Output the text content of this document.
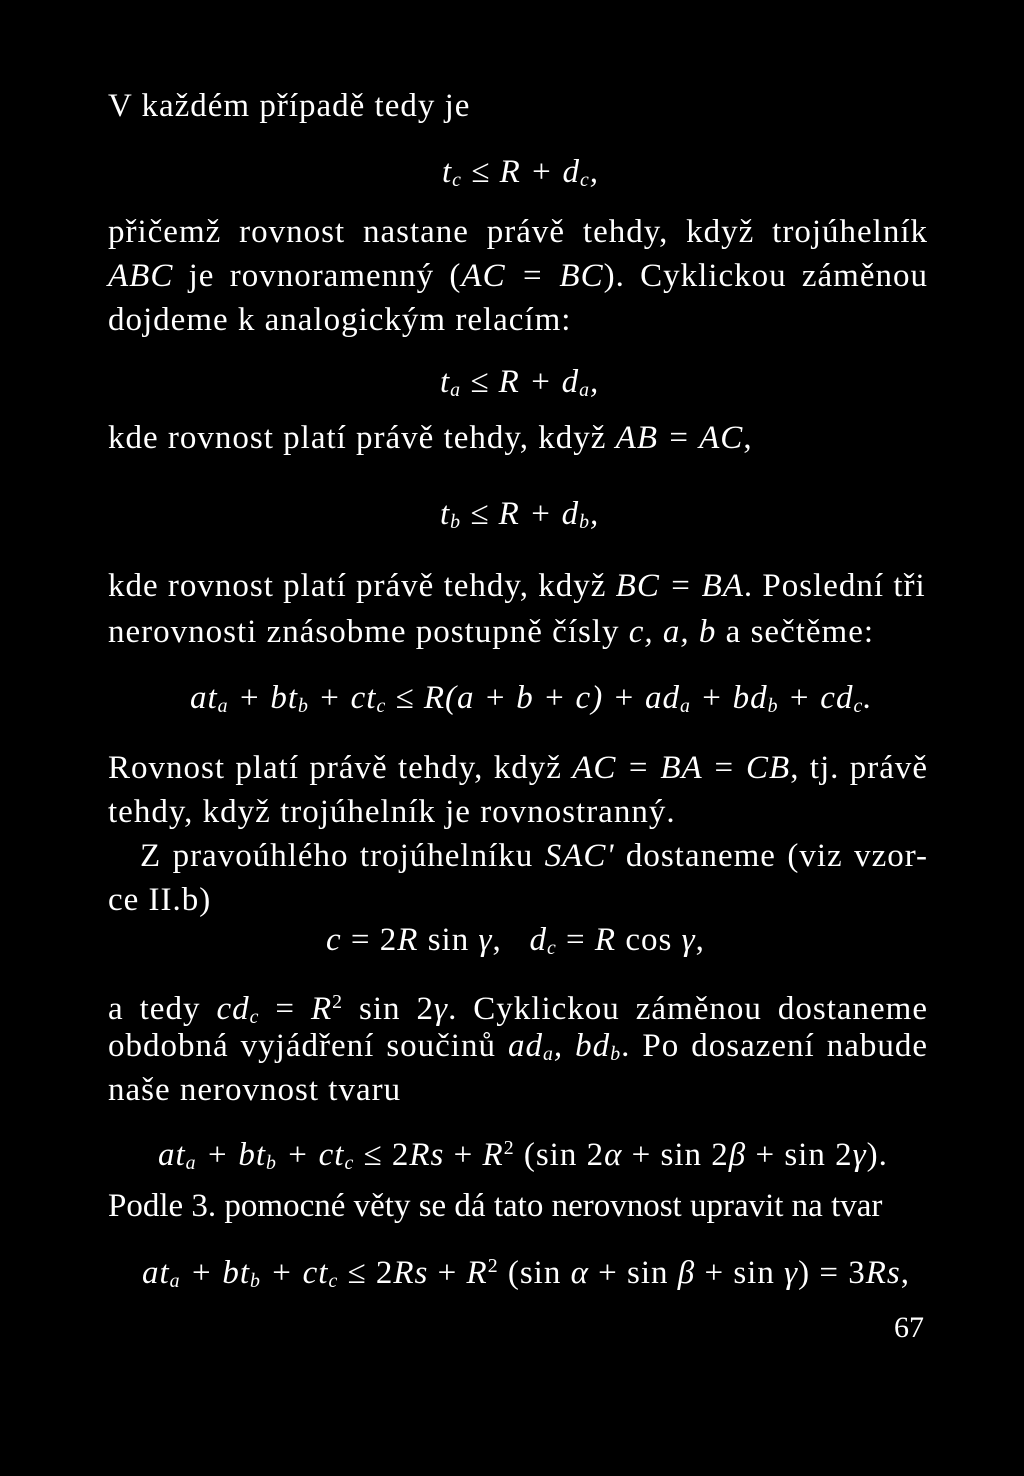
V každém případě tedy je
$t_c \le R + d_c$,
přičemž rovnost nastane právě tehdy, když trojúhelník
ABC je rovnoramenný (AC = BC). Cyklickou záměnou
dojdeme k analogickým relacím:
$t_a \le R + d_a$,
kde rovnost platí právě tehdy, když AB = AC,
$t_b \le R + d_b$,
kde rovnost platí právě tehdy, když BC = BA. Poslední tři
nerovnosti znásobme postupně čísly c, a, b a sečtěme:
$at_a + bt_b + ct_c \le R(a + b + c) + ad_a + bd_b + cd_c$.
Rovnost platí právě tehdy, když AC = BA = CB, tj. právě
tehdy, když trojúhelník je rovnostranný.
Z pravoúhlého trojúhelníku SAC' dostaneme (viz vzor-
ce II.b)
c = 2R sin γ,   $d_c = R$ cos γ,
a tedy $cd_c = R^2$ sin 2γ. Cyklickou záměnou dostaneme
obdobná vyjádření součinů $ad_a$, $bd_b$. Po dosazení nabude
naše nerovnost tvaru
$at_a + bt_b + ct_c \le 2Rs + R^2$ (sin 2α + sin 2β + sin 2γ).
Podle 3. pomocné věty se dá tato nerovnost upravit na tvar
$at_a + bt_b + ct_c \le 2Rs + R^2$ (sin α + sin β + sin γ) = 3Rs,
67
